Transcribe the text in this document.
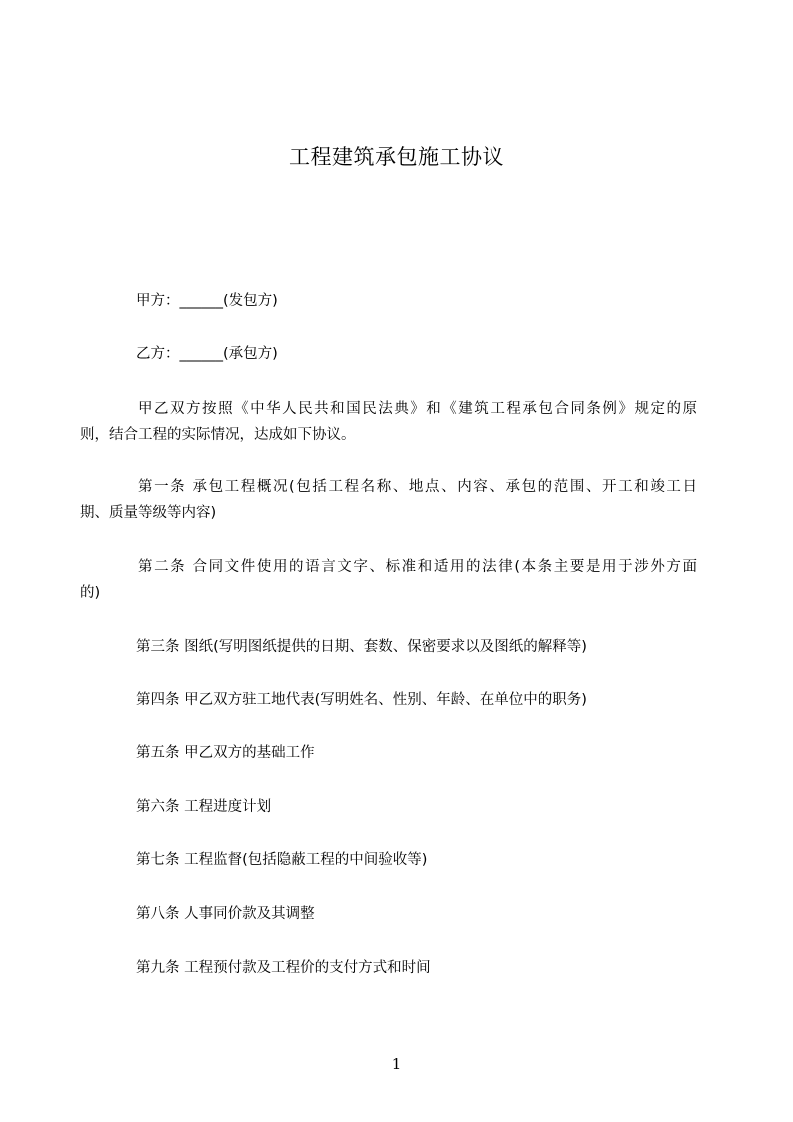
工程建筑承包施工协议
甲方：______(发包方)
乙方：______(承包方)
甲乙双方按照《中华人民共和国民法典》和《建筑工程承包合同条例》规定的原
则，结合工程的实际情况，达成如下协议。
第一条 承包工程概况(包括工程名称、地点、内容、承包的范围、开工和竣工日
期、质量等级等内容)
第二条 合同文件使用的语言文字、标准和适用的法律(本条主要是用于涉外方面
的)
第三条 图纸(写明图纸提供的日期、套数、保密要求以及图纸的解释等)
第四条 甲乙双方驻工地代表(写明姓名、性别、年龄、在单位中的职务)
第五条 甲乙双方的基础工作
第六条 工程进度计划
第七条 工程监督(包括隐蔽工程的中间验收等)
第八条 人事同价款及其调整
第九条 工程预付款及工程价的支付方式和时间
1
